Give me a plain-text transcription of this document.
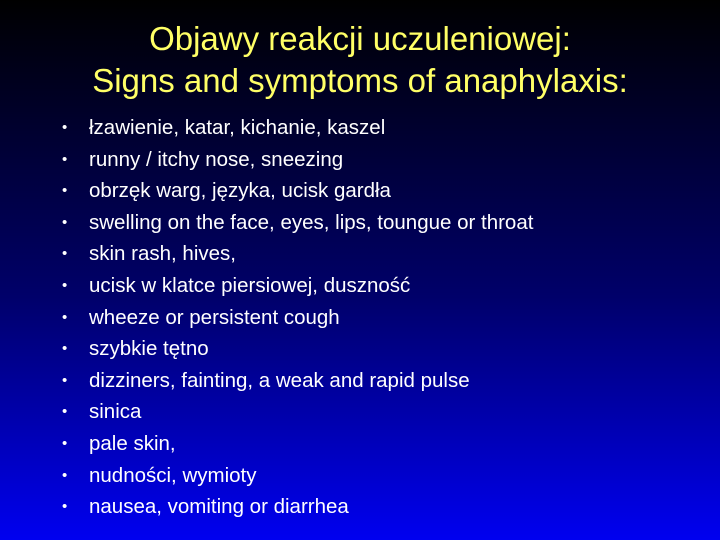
Objawy reakcji uczuleniowej:
Signs and symptoms of anaphylaxis:
• łzawienie, katar, kichanie, kaszel
• runny / itchy nose, sneezing
• obrzęk warg, języka, ucisk gardła
• swelling on the face, eyes, lips, toungue or throat
• skin rash, hives,
• ucisk w klatce piersiowej, duszność
• wheeze or persistent cough
• szybkie tętno
• dizziners, fainting, a weak and rapid pulse
• sinica
• pale skin,
• nudności, wymioty
• nausea, vomiting or diarrhea
